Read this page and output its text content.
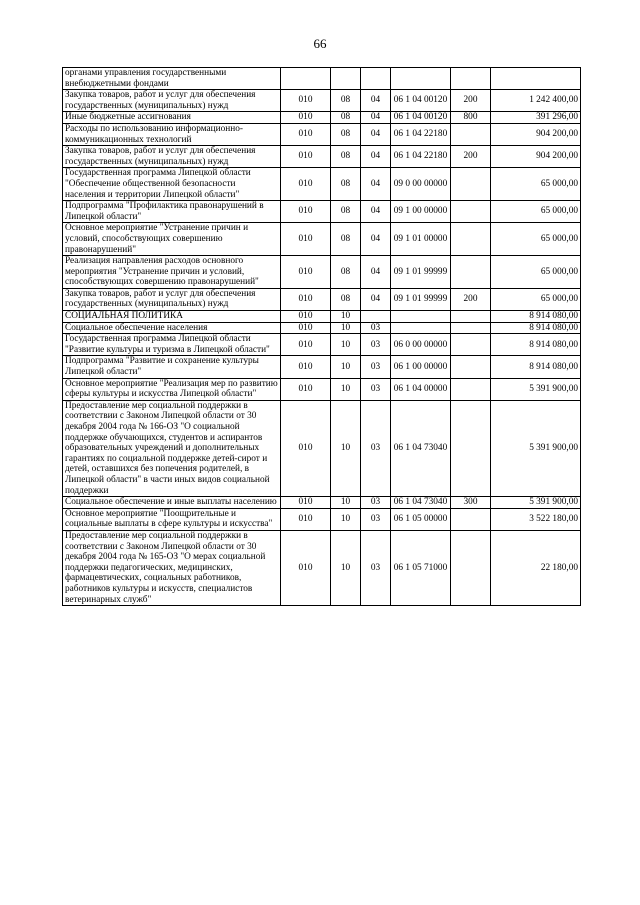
66
органами управления государственными внебюджетными фондами						
Закупка товаров, работ и услуг для обеспечения государственных (муниципальных) нужд	010	08	04	06 1 04 00120	200	1 242 400,00
Иные бюджетные ассигнования	010	08	04	06 1 04 00120	800	391 296,00
Расходы по использованию информационно-коммуникационных технологий	010	08	04	06 1 04 22180		904 200,00
Закупка товаров, работ и услуг для обеспечения государственных (муниципальных) нужд	010	08	04	06 1 04 22180	200	904 200,00
Государственная программа Липецкой области "Обеспечение общественной безопасности населения и территории Липецкой области"	010	08	04	09 0 00 00000		65 000,00
Подпрограмма "Профилактика правонарушений в Липецкой области"	010	08	04	09 1 00 00000		65 000,00
Основное мероприятие "Устранение причин и условий, способствующих совершению правонарушений"	010	08	04	09 1 01 00000		65 000,00
Реализация направления расходов основного мероприятия "Устранение причин и условий, способствующих совершению правонарушений"	010	08	04	09 1 01 99999		65 000,00
Закупка товаров, работ и услуг для обеспечения государственных (муниципальных) нужд	010	08	04	09 1 01 99999	200	65 000,00
СОЦИАЛЬНАЯ ПОЛИТИКА	010	10				8 914 080,00
Социальное обеспечение населения	010	10	03			8 914 080,00
Государственная программа Липецкой области "Развитие культуры и туризма в Липецкой области"	010	10	03	06 0 00 00000		8 914 080,00
Подпрограмма "Развитие и сохранение культуры Липецкой области"	010	10	03	06 1 00 00000		8 914 080,00
Основное мероприятие "Реализация мер по развитию сферы культуры и искусства Липецкой области"	010	10	03	06 1 04 00000		5 391 900,00
Предоставление мер социальной поддержки в соответствии с Законом Липецкой области от 30 декабря 2004 года № 166-ОЗ "О социальной поддержке обучающихся, студентов и аспирантов образовательных учреждений и дополнительных гарантиях по социальной поддержке детей-сирот и детей, оставшихся без попечения родителей, в Липецкой области" в части иных видов социальной поддержки	010	10	03	06 1 04 73040		5 391 900,00
Социальное обеспечение и иные выплаты населению	010	10	03	06 1 04 73040	300	5 391 900,00
Основное мероприятие "Поощрительные и социальные выплаты в сфере культуры и искусства"	010	10	03	06 1 05 00000		3 522 180,00
Предоставление мер социальной поддержки в соответствии с Законом Липецкой области от 30 декабря 2004 года № 165-ОЗ "О мерах социальной поддержки педагогических, медицинских, фармацевтических, социальных работников, работников культуры и искусств, специалистов ветеринарных служб"	010	10	03	06 1 05 71000		22 180,00
